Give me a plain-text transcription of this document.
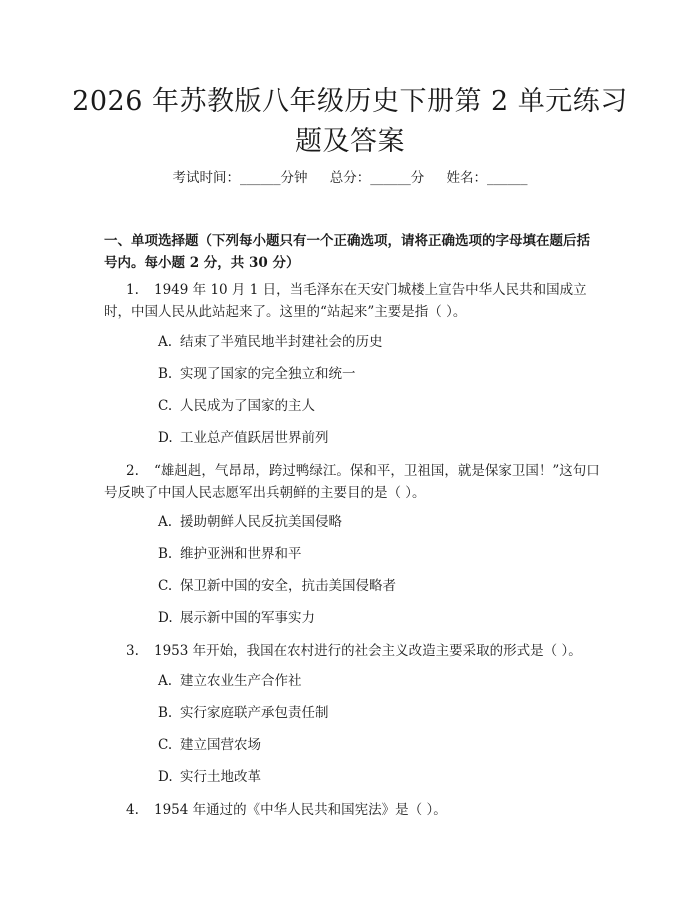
2026 年苏教版八年级历史下册第 2 单元练习题及答案
考试时间：______分钟 总分：______分 姓名：______
一、单项选择题（下列每小题只有一个正确选项，请将正确选项的字母填在题后括号内。每小题 2 分，共 30 分）
1. 1949 年 10 月 1 日，当毛泽东在天安门城楼上宣告中华人民共和国成立时，中国人民从此站起来了。这里的“站起来”主要是指（ ）。
A. 结束了半殖民地半封建社会的历史
B. 实现了国家的完全独立和统一
C. 人民成为了国家的主人
D. 工业总产值跃居世界前列
2. “雄赳赳，气昂昂，跨过鸭绿江。保和平，卫祖国，就是保家卫国！”这句口号反映了中国人民志愿军出兵朝鲜的主要目的是（ ）。
A. 援助朝鲜人民反抗美国侵略
B. 维护亚洲和世界和平
C. 保卫新中国的安全，抗击美国侵略者
D. 展示新中国的军事实力
3. 1953 年开始，我国在农村进行的社会主义改造主要采取的形式是（ ）。
A. 建立农业生产合作社
B. 实行家庭联产承包责任制
C. 建立国营农场
D. 实行土地改革
4. 1954 年通过的《中华人民共和国宪法》是（ ）。
